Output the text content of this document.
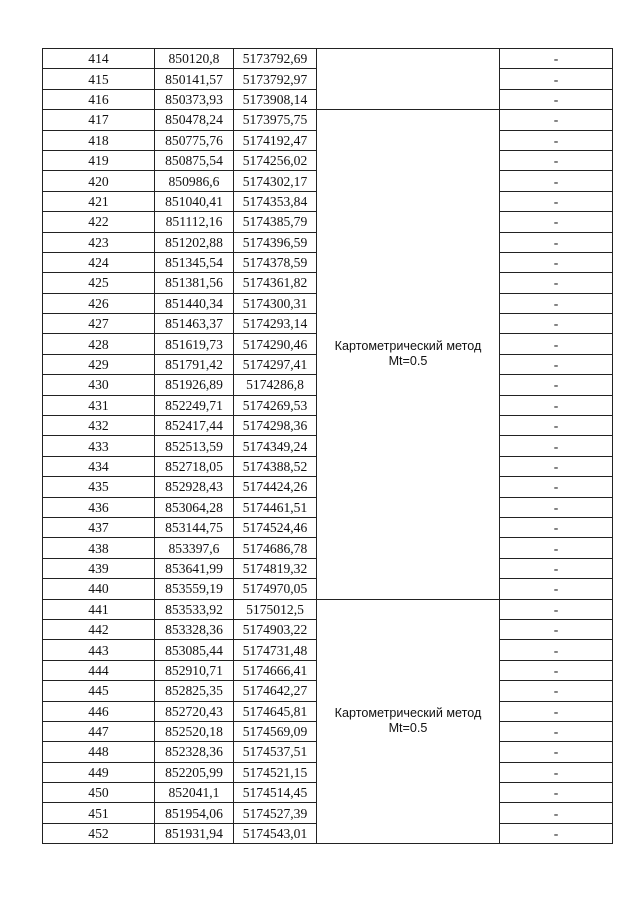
414	850120,8	5173792,69		-
415	850141,57	5173792,97		-
416	850373,93	5173908,14		-
417	850478,24	5173975,75	Картометрический метод
Mt=0.5	-
418	850775,76	5174192,47		-
419	850875,54	5174256,02		-
420	850986,6	5174302,17		-
421	851040,41	5174353,84		-
422	851112,16	5174385,79		-
423	851202,88	5174396,59		-
424	851345,54	5174378,59		-
425	851381,56	5174361,82		-
426	851440,34	5174300,31		-
427	851463,37	5174293,14		-
428	851619,73	5174290,46		-
429	851791,42	5174297,41		-
430	851926,89	5174286,8		-
431	852249,71	5174269,53		-
432	852417,44	5174298,36		-
433	852513,59	5174349,24		-
434	852718,05	5174388,52		-
435	852928,43	5174424,26		-
436	853064,28	5174461,51		-
437	853144,75	5174524,46		-
438	853397,6	5174686,78		-
439	853641,99	5174819,32		-
440	853559,19	5174970,05		-
441	853533,92	5175012,5	Картометрический метод
Mt=0.5	-
442	853328,36	5174903,22		-
443	853085,44	5174731,48		-
444	852910,71	5174666,41		-
445	852825,35	5174642,27		-
446	852720,43	5174645,81		-
447	852520,18	5174569,09		-
448	852328,36	5174537,51		-
449	852205,99	5174521,15		-
450	852041,1	5174514,45		-
451	851954,06	5174527,39		-
452	851931,94	5174543,01		-
